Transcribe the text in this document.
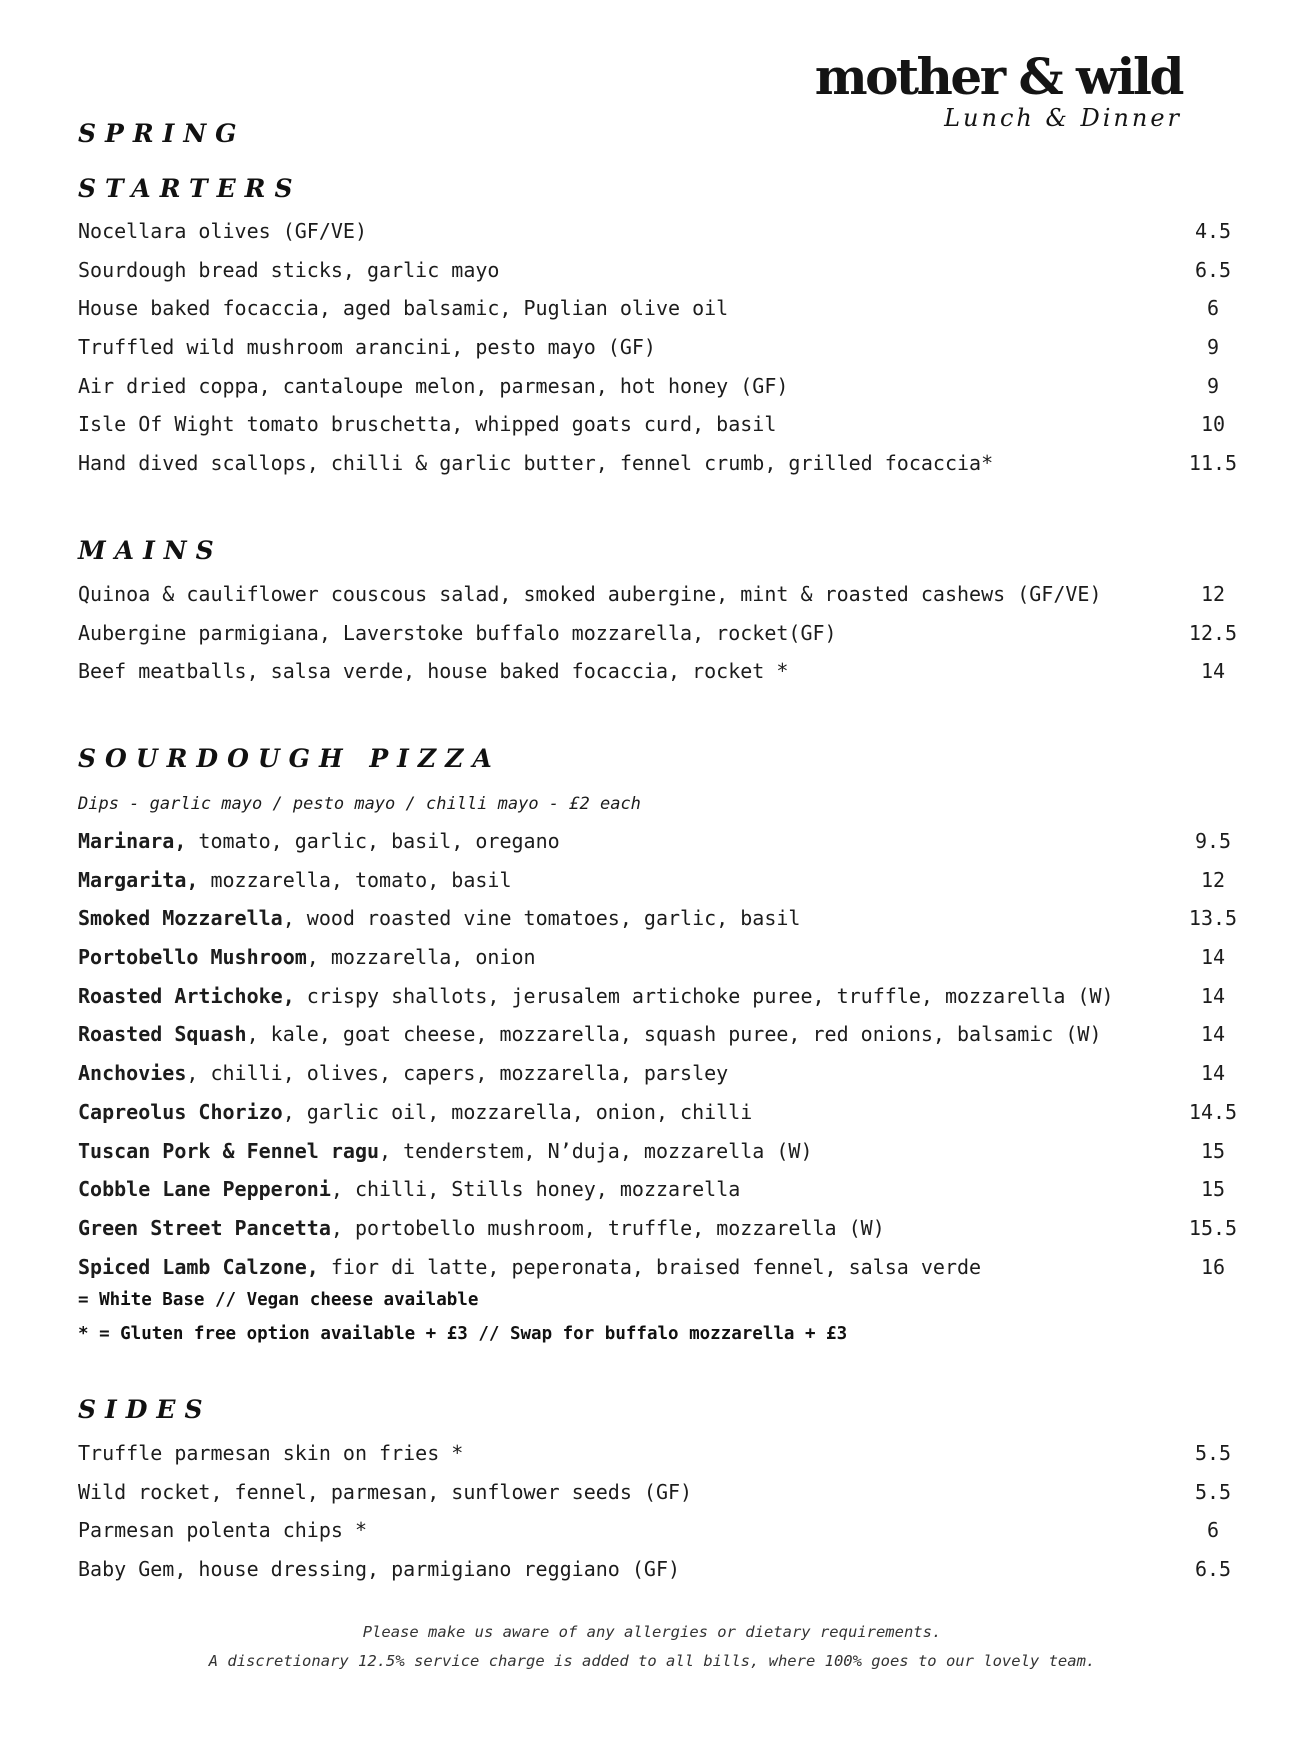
mother & wild
Lunch & Dinner
SPRING
STARTERS
Nocellara olives (GF/VE)	4.5
Sourdough bread sticks, garlic mayo	6.5
House baked focaccia, aged balsamic, Puglian olive oil	6
Truffled wild mushroom arancini, pesto mayo (GF)	9
Air dried coppa, cantaloupe melon, parmesan, hot honey (GF)	9
Isle Of Wight tomato bruschetta, whipped goats curd, basil	10
Hand dived scallops, chilli & garlic butter, fennel crumb, grilled focaccia*	11.5
MAINS
Quinoa & cauliflower couscous salad, smoked aubergine, mint & roasted cashews (GF/VE)	12
Aubergine parmigiana, Laverstoke buffalo mozzarella, rocket(GF)	12.5
Beef meatballs, salsa verde, house baked focaccia, rocket *	14
SOURDOUGH PIZZA
Dips - garlic mayo / pesto mayo / chilli mayo - £2 each
Marinara, tomato, garlic, basil, oregano	9.5
Margarita, mozzarella, tomato, basil	12
Smoked Mozzarella, wood roasted vine tomatoes, garlic, basil	13.5
Portobello Mushroom, mozzarella, onion	14
Roasted Artichoke, crispy shallots, jerusalem artichoke puree, truffle, mozzarella (W)	14
Roasted Squash, kale, goat cheese, mozzarella, squash puree, red onions, balsamic (W)	14
Anchovies, chilli, olives, capers, mozzarella, parsley	14
Capreolus Chorizo, garlic oil, mozzarella, onion, chilli	14.5
Tuscan Pork & Fennel ragu, tenderstem, N’duja, mozzarella (W)	15
Cobble Lane Pepperoni, chilli, Stills honey, mozzarella	15
Green Street Pancetta, portobello mushroom, truffle, mozzarella (W)	15.5
Spiced Lamb Calzone, fior di latte, peperonata, braised fennel, salsa verde	16
= White Base // Vegan cheese available
* = Gluten free option available + £3 // Swap for buffalo mozzarella + £3
SIDES
Truffle parmesan skin on fries *	5.5
Wild rocket, fennel, parmesan, sunflower seeds (GF)	5.5
Parmesan polenta chips *	6
Baby Gem, house dressing, parmigiano reggiano (GF)	6.5
Please make us aware of any allergies or dietary requirements.
A discretionary 12.5% service charge is added to all bills, where 100% goes to our lovely team.
